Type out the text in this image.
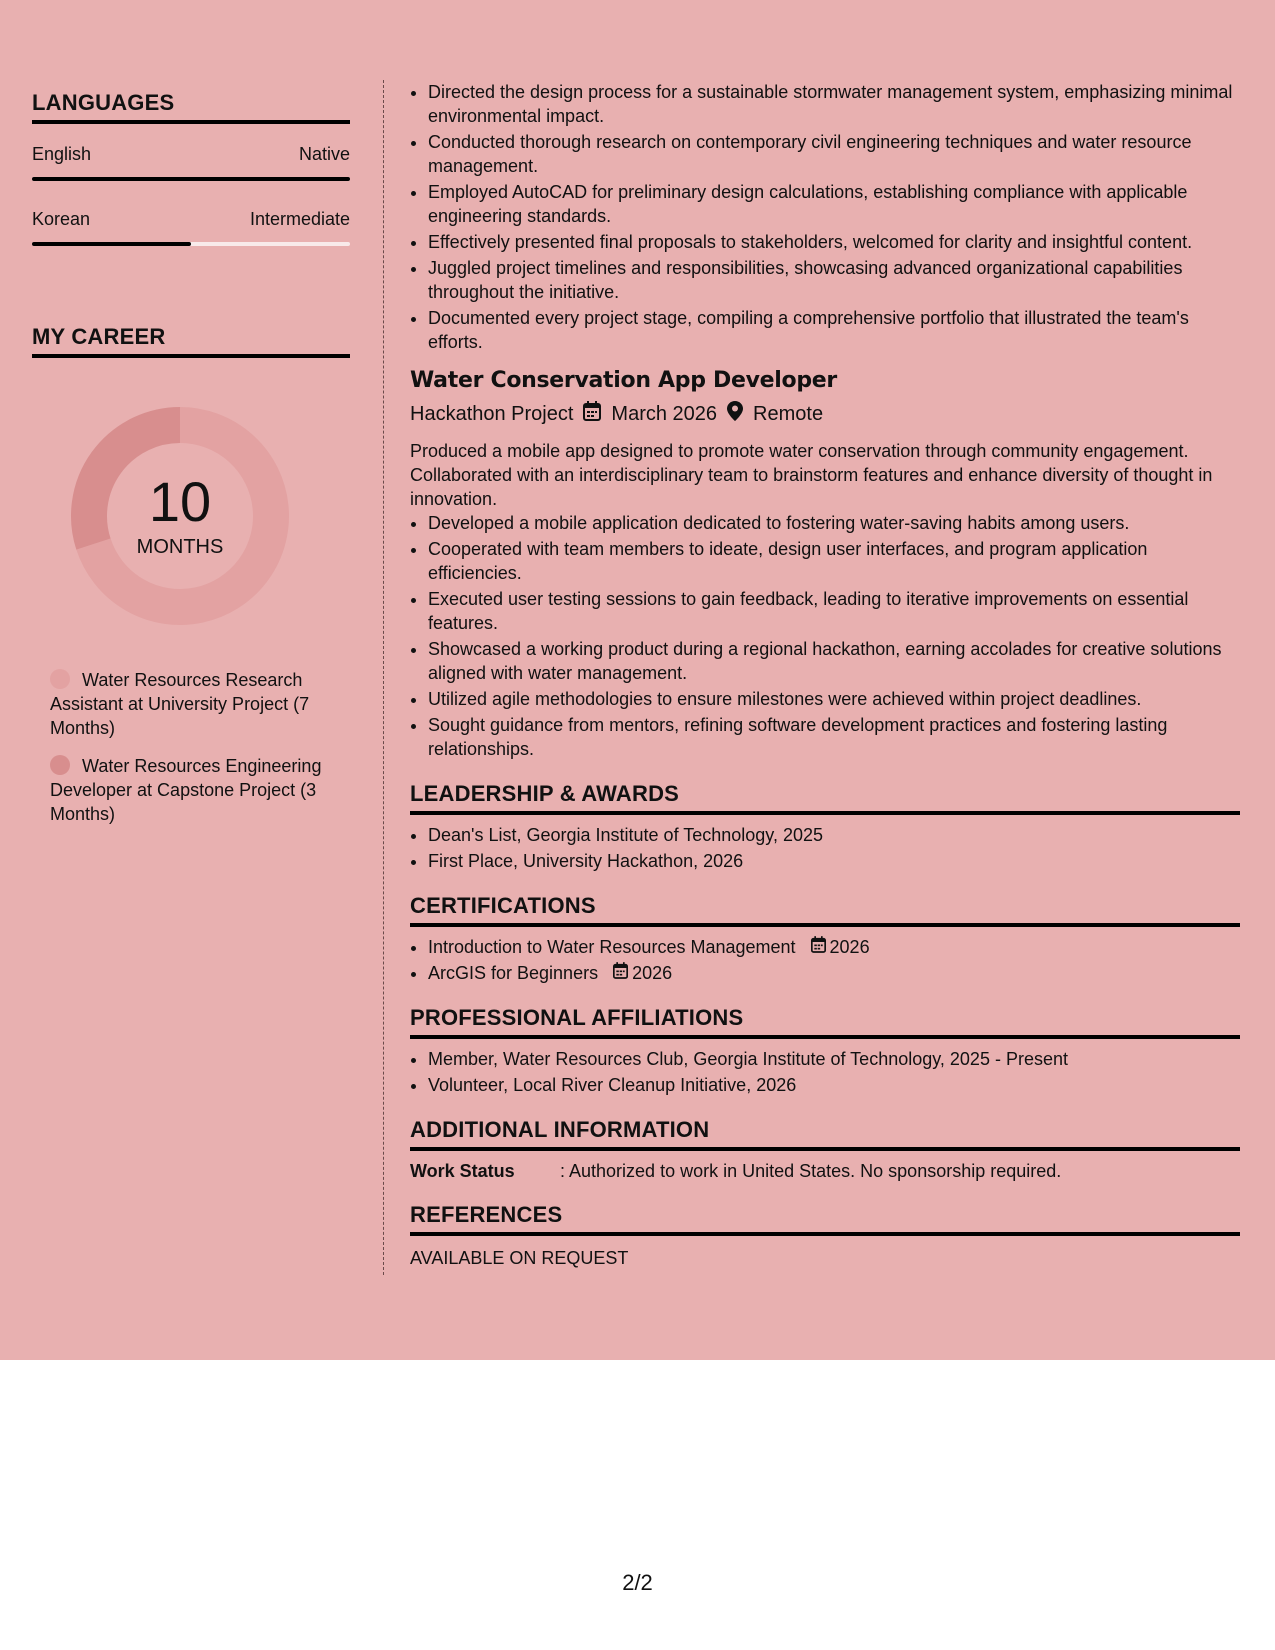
LANGUAGES
English	Native
Korean	Intermediate
MY CAREER
10
MONTHS
Water Resources Research Assistant at University Project (7 Months)
Water Resources Engineering Developer at Capstone Project (3 Months)
• Directed the design process for a sustainable stormwater management system, emphasizing minimal environmental impact.
• Conducted thorough research on contemporary civil engineering techniques and water resource management.
• Employed AutoCAD for preliminary design calculations, establishing compliance with applicable engineering standards.
• Effectively presented final proposals to stakeholders, welcomed for clarity and insightful content.
• Juggled project timelines and responsibilities, showcasing advanced organizational capabilities throughout the initiative.
• Documented every project stage, compiling a comprehensive portfolio that illustrated the team's efforts.
Water Conservation App Developer
Hackathon Project March 2026 Remote
Produced a mobile app designed to promote water conservation through community engagement. Collaborated with an interdisciplinary team to brainstorm features and enhance diversity of thought in innovation.
• Developed a mobile application dedicated to fostering water-saving habits among users.
• Cooperated with team members to ideate, design user interfaces, and program application efficiencies.
• Executed user testing sessions to gain feedback, leading to iterative improvements on essential features.
• Showcased a working product during a regional hackathon, earning accolades for creative solutions aligned with water management.
• Utilized agile methodologies to ensure milestones were achieved within project deadlines.
• Sought guidance from mentors, refining software development practices and fostering lasting relationships.
LEADERSHIP & AWARDS
• Dean's List, Georgia Institute of Technology, 2025
• First Place, University Hackathon, 2026
CERTIFICATIONS
• Introduction to Water Resources Management 2026
• ArcGIS for Beginners 2026
PROFESSIONAL AFFILIATIONS
• Member, Water Resources Club, Georgia Institute of Technology, 2025 - Present
• Volunteer, Local River Cleanup Initiative, 2026
ADDITIONAL INFORMATION
Work Status	: Authorized to work in United States. No sponsorship required.
REFERENCES
AVAILABLE ON REQUEST
2/2
